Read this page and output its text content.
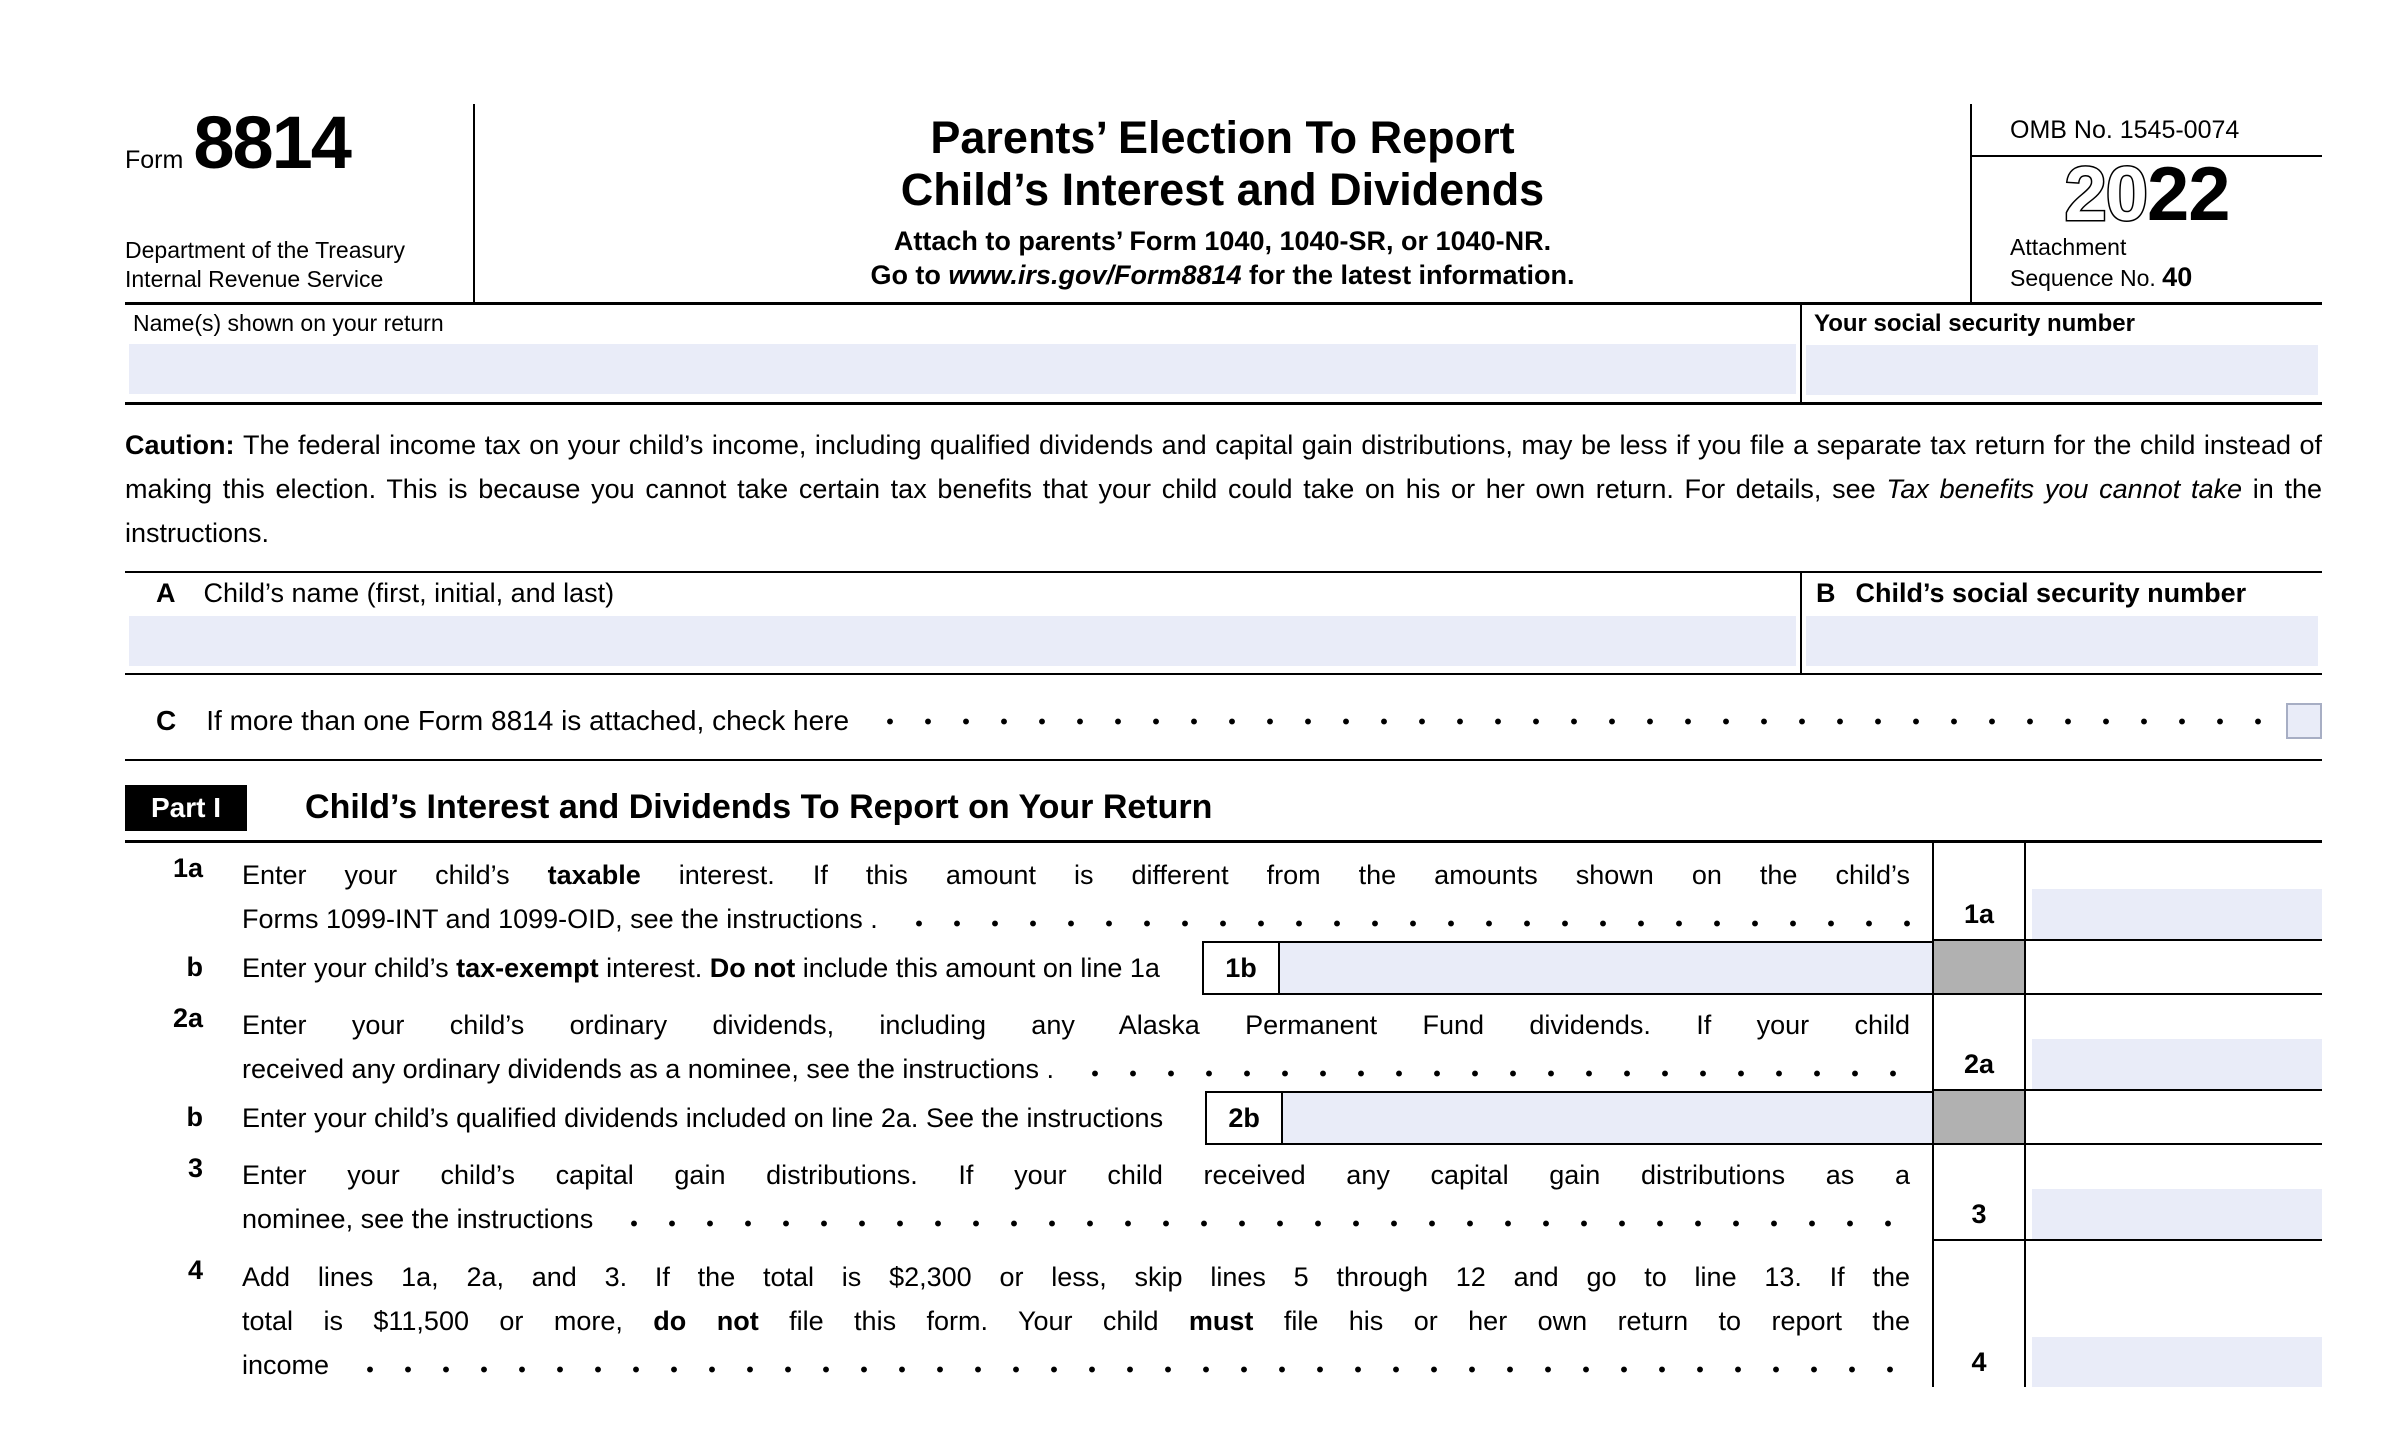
Form 8814
Department of the Treasury
Internal Revenue Service
Parents’ Election To Report
Child’s Interest and Dividends
Attach to parents’ Form 1040, 1040-SR, or 1040-NR.
Go to www.irs.gov/Form8814 for the latest information.
OMB No. 1545-0074
20 22
Attachment
Sequence No. 40
Name(s) shown on your return	Your social security number
Caution: The federal income tax on your child’s income, including qualified dividends and capital gain distributions, may be less if you file a separate tax return for the child instead of making this election. This is because you cannot take certain tax benefits that your child could take on his or her own return. For details, see Tax benefits you cannot take in the instructions.
A Child’s name (first, initial, and last)	B Child’s social security number
C If more than one Form 8814 is attached, check here
Part I	Child’s Interest and Dividends To Report on Your Return
1a Enter your child’s taxable interest. If this amount is different from the amounts shown on the child’s
Forms 1099-INT and 1099-OID, see the instructions .	1a
b Enter your child’s tax-exempt interest. Do not include this amount on line 1a	1b
2a Enter your child’s ordinary dividends, including any Alaska Permanent Fund dividends. If your child
received any ordinary dividends as a nominee, see the instructions .	2a
b Enter your child’s qualified dividends included on line 2a. See the instructions	2b
3 Enter your child’s capital gain distributions. If your child received any capital gain distributions as a
nominee, see the instructions	3
4 Add lines 1a, 2a, and 3. If the total is $2,300 or less, skip lines 5 through 12 and go to line 13. If the
total is $11,500 or more, do not file this form. Your child must file his or her own return to report the
income	4
